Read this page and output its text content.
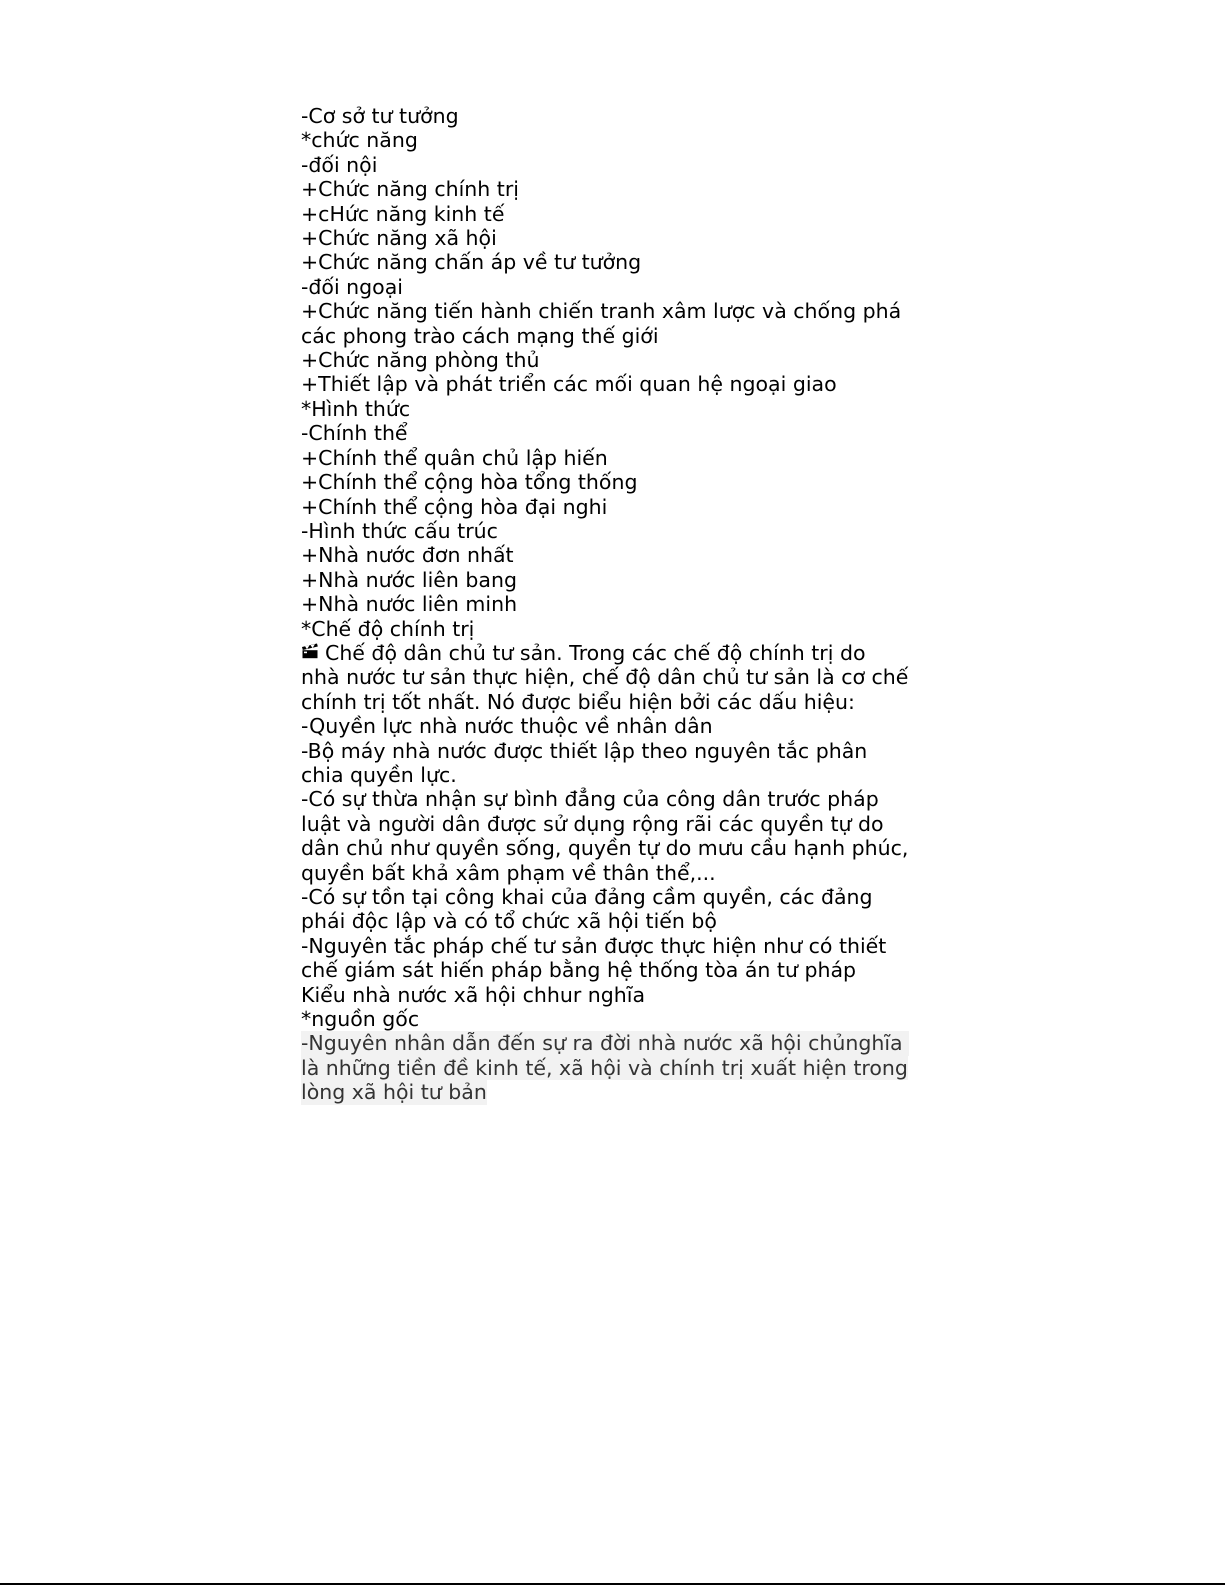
-Cơ sở tư tưởng

*chức năng

-đối nội

+Chức năng chính trị

+cHức năng kinh tế

+Chức năng xã hội

+Chức năng chấn áp về tư tưởng

-đối ngoại

+Chức năng tiến hành chiến tranh xâm lược và chống phá
các phong trào cách mạng thế giới

+Chức năng phòng thủ

+Thiết lập và phát triển các mối quan hệ ngoại giao

*Hình thức

-Chính thể

+Chính thể quân chủ lập hiến

+Chính thể cộng hòa tổng thống

+Chính thể cộng hòa đại nghi

-Hình thức cấu trúc

+Nhà nước đơn nhất

+Nhà nước liên bang

+Nhà nước liên minh

*Chế độ chính trị

Chế độ dân chủ tư sản. Trong các chế độ chính trị do
nhà nước tư sản thực hiện, chế độ dân chủ tư sản là cơ chế
chính trị tốt nhất. Nó được biểu hiện bởi các dấu hiệu:

-Quyền lực nhà nước thuộc về nhân dân

-Bộ máy nhà nước được thiết lập theo nguyên tắc phân
chia quyền lực.

-Có sự thừa nhận sự bình đẳng của công dân trước pháp
luật và người dân được sử dụng rộng rãi các quyền tự do
dân chủ như quyền sống, quyền tự do mưu cầu hạnh phúc,
quyền bất khả xâm phạm về thân thể,...

-Có sự tồn tại công khai của đảng cầm quyền, các đảng
phái độc lập và có tổ chức xã hội tiến bộ

-Nguyên tắc pháp chế tư sản được thực hiện như có thiết
chế giám sát hiến pháp bằng hệ thống tòa án tư pháp

Kiểu nhà nước xã hội chhur nghĩa

*nguồn gốc

-Nguyên nhân dẫn đến sự ra đời nhà nước xã hội chủnghĩa

là những tiền đề kinh tế, xã hội và chính trị xuất hiện trong

lòng xã hội tư bản
